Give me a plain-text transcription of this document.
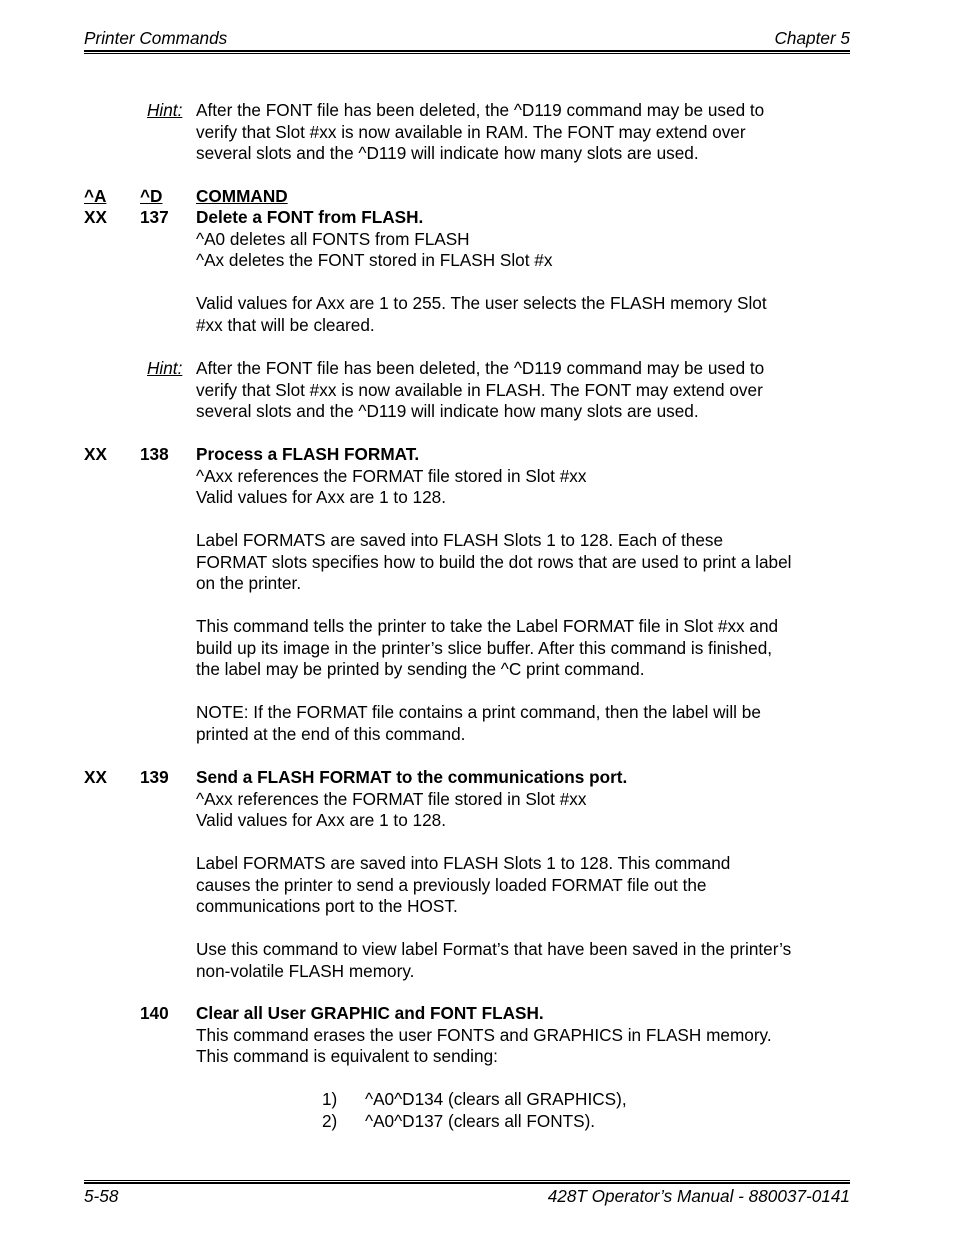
Printer Commands	Chapter 5
Hint: After the FONT file has been deleted, the ^D119 command may be used to
verify that Slot #xx is now available in RAM. The FONT may extend over
several slots and the ^D119 will indicate how many slots are used.
^A ^D COMMAND
XX 137 Delete a FONT from FLASH.
^A0 deletes all FONTS from FLASH
^Ax deletes the FONT stored in FLASH Slot #x
Valid values for Axx are 1 to 255. The user selects the FLASH memory Slot
#xx that will be cleared.
Hint: After the FONT file has been deleted, the ^D119 command may be used to
verify that Slot #xx is now available in FLASH. The FONT may extend over
several slots and the ^D119 will indicate how many slots are used.
XX 138 Process a FLASH FORMAT.
^Axx references the FORMAT file stored in Slot #xx
Valid values for Axx are 1 to 128.
Label FORMATS are saved into FLASH Slots 1 to 128. Each of these
FORMAT slots specifies how to build the dot rows that are used to print a label
on the printer.
This command tells the printer to take the Label FORMAT file in Slot #xx and
build up its image in the printer’s slice buffer. After this command is finished,
the label may be printed by sending the ^C print command.
NOTE: If the FORMAT file contains a print command, then the label will be
printed at the end of this command.
XX 139 Send a FLASH FORMAT to the communications port.
^Axx references the FORMAT file stored in Slot #xx
Valid values for Axx are 1 to 128.
Label FORMATS are saved into FLASH Slots 1 to 128. This command
causes the printer to send a previously loaded FORMAT file out the
communications port to the HOST.
Use this command to view label Format’s that have been saved in the printer’s
non-volatile FLASH memory.
140 Clear all User GRAPHIC and FONT FLASH.
This command erases the user FONTS and GRAPHICS in FLASH memory.
This command is equivalent to sending:
1) ^A0^D134 (clears all GRAPHICS),
2) ^A0^D137 (clears all FONTS).
5-58	428T Operator’s Manual - 880037-0141
